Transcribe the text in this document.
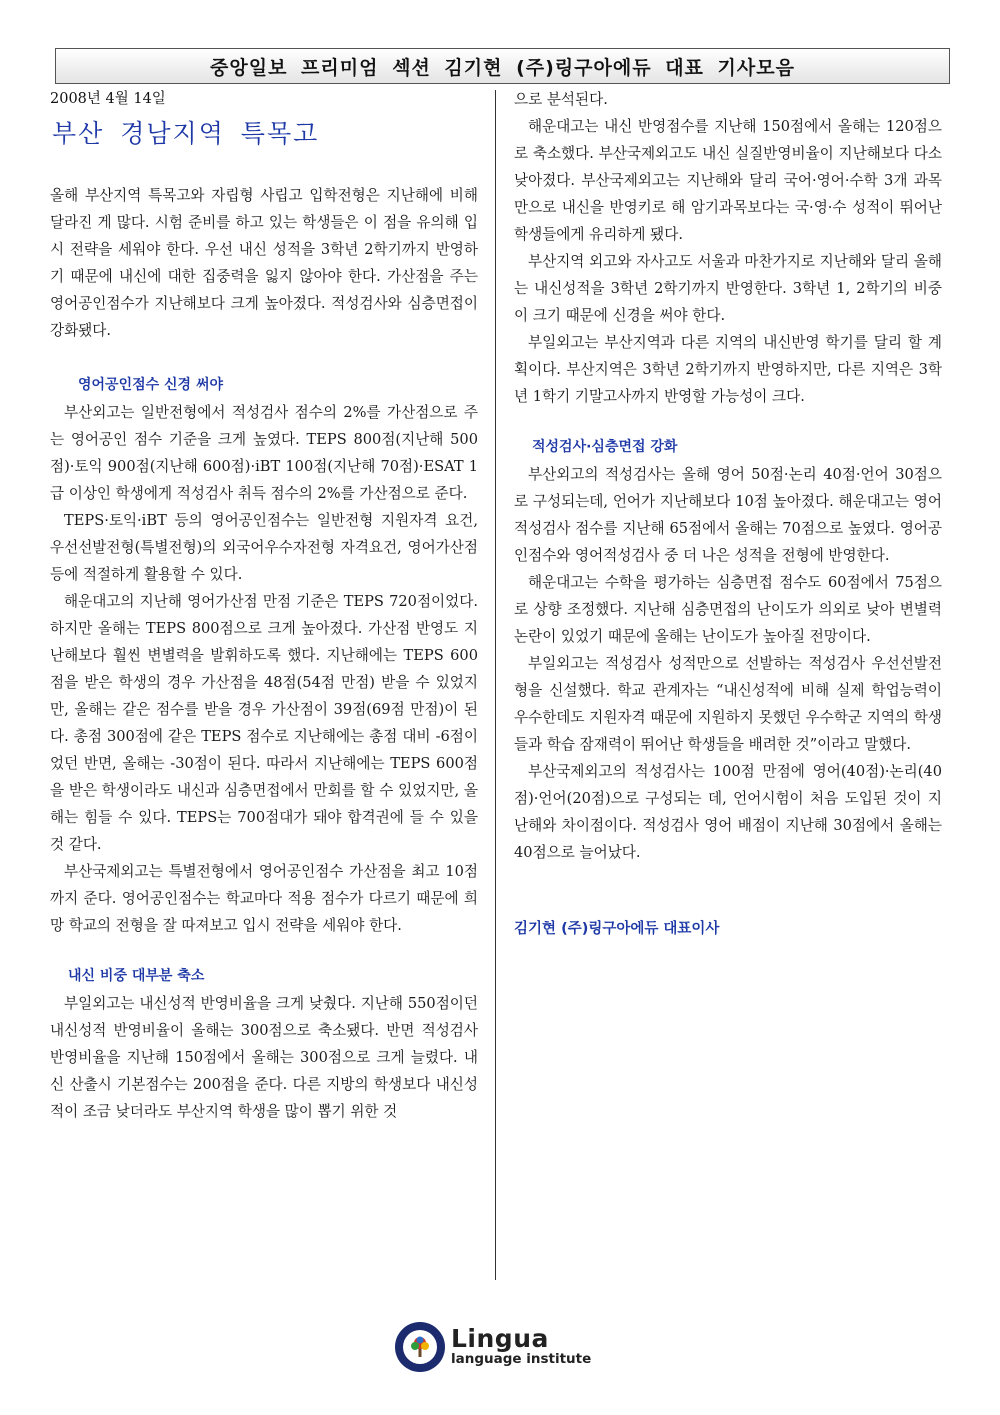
중앙일보 프리미엄 섹션 김기현 (주)링구아에듀 대표 기사모음

2008년 4월 14일

부산 경남지역 특목고

올해 부산지역 특목고와 자립형 사립고 입학전형은 지난해에 비해 달라진 게 많다. 시험 준비를 하고 있는 학생들은 이 점을 유의해 입시 전략을 세워야 한다. 우선 내신 성적을 3학년 2학기까지 반영하기 때문에 내신에 대한 집중력을 잃지 않아야 한다. 가산점을 주는 영어공인점수가 지난해보다 크게 높아졌다. 적성검사와 심층면접이 강화됐다.

영어공인점수 신경 써야

부산외고는 일반전형에서 적성검사 점수의 2%를 가산점으로 주는 영어공인 점수 기준을 크게 높였다. TEPS 800점(지난해 500점)·토익 900점(지난해 600점)·iBT 100점(지난해 70점)·ESAT 1급 이상인 학생에게 적성검사 취득 점수의 2%를 가산점으로 준다.

TEPS·토익·iBT 등의 영어공인점수는 일반전형 지원자격 요건, 우선선발전형(특별전형)의 외국어우수자전형 자격요건, 영어가산점 등에 적절하게 활용할 수 있다.

해운대고의 지난해 영어가산점 만점 기준은 TEPS 720점이었다. 하지만 올해는 TEPS 800점으로 크게 높아졌다. 가산점 반영도 지난해보다 훨씬 변별력을 발휘하도록 했다. 지난해에는 TEPS 600점을 받은 학생의 경우 가산점을 48점(54점 만점) 받을 수 있었지만, 올해는 같은 점수를 받을 경우 가산점이 39점(69점 만점)이 된다. 총점 300점에 같은 TEPS 점수로 지난해에는 총점 대비 -6점이었던 반면, 올해는 -30점이 된다. 따라서 지난해에는 TEPS 600점을 받은 학생이라도 내신과 심층면접에서 만회를 할 수 있었지만, 올해는 힘들 수 있다. TEPS는 700점대가 돼야 합격권에 들 수 있을 것 같다.

부산국제외고는 특별전형에서 영어공인점수 가산점을 최고 10점까지 준다. 영어공인점수는 학교마다 적용 점수가 다르기 때문에 희망 학교의 전형을 잘 따져보고 입시 전략을 세워야 한다.

내신 비중 대부분 축소

부일외고는 내신성적 반영비율을 크게 낮췄다. 지난해 550점이던 내신성적 반영비율이 올해는 300점으로 축소됐다. 반면 적성검사 반영비율을 지난해 150점에서 올해는 300점으로 크게 늘렸다. 내신 산출시 기본점수는 200점을 준다. 다른 지방의 학생보다 내신성적이 조금 낮더라도 부산지역 학생을 많이 뽑기 위한 것

으로 분석된다.

해운대고는 내신 반영점수를 지난해 150점에서 올해는 120점으로 축소했다. 부산국제외고도 내신 실질반영비율이 지난해보다 다소 낮아졌다. 부산국제외고는 지난해와 달리 국어·영어·수학 3개 과목만으로 내신을 반영키로 해 암기과목보다는 국·영·수 성적이 뛰어난 학생들에게 유리하게 됐다.

부산지역 외고와 자사고도 서울과 마찬가지로 지난해와 달리 올해는 내신성적을 3학년 2학기까지 반영한다. 3학년 1, 2학기의 비중이 크기 때문에 신경을 써야 한다.

부일외고는 부산지역과 다른 지역의 내신반영 학기를 달리 할 계획이다. 부산지역은 3학년 2학기까지 반영하지만, 다른 지역은 3학년 1학기 기말고사까지 반영할 가능성이 크다.

적성검사·심층면접 강화

부산외고의 적성검사는 올해 영어 50점·논리 40점·언어 30점으로 구성되는데, 언어가 지난해보다 10점 높아졌다. 해운대고는 영어적성검사 점수를 지난해 65점에서 올해는 70점으로 높였다. 영어공인점수와 영어적성검사 중 더 나은 성적을 전형에 반영한다.

해운대고는 수학을 평가하는 심층면접 점수도 60점에서 75점으로 상향 조정했다. 지난해 심층면접의 난이도가 의외로 낮아 변별력 논란이 있었기 때문에 올해는 난이도가 높아질 전망이다.

부일외고는 적성검사 성적만으로 선발하는 적성검사 우선선발전형을 신설했다. 학교 관계자는 “내신성적에 비해 실제 학업능력이 우수한데도 지원자격 때문에 지원하지 못했던 우수학군 지역의 학생들과 학습 잠재력이 뛰어난 학생들을 배려한 것”이라고 말했다.

부산국제외고의 적성검사는 100점 만점에 영어(40점)·논리(40점)·언어(20점)으로 구성되는 데, 언어시험이 처음 도입된 것이 지난해와 차이점이다. 적성검사 영어 배점이 지난해 30점에서 올해는 40점으로 늘어났다.

김기현 (주)링구아에듀 대표이사

Lingua
language institute
